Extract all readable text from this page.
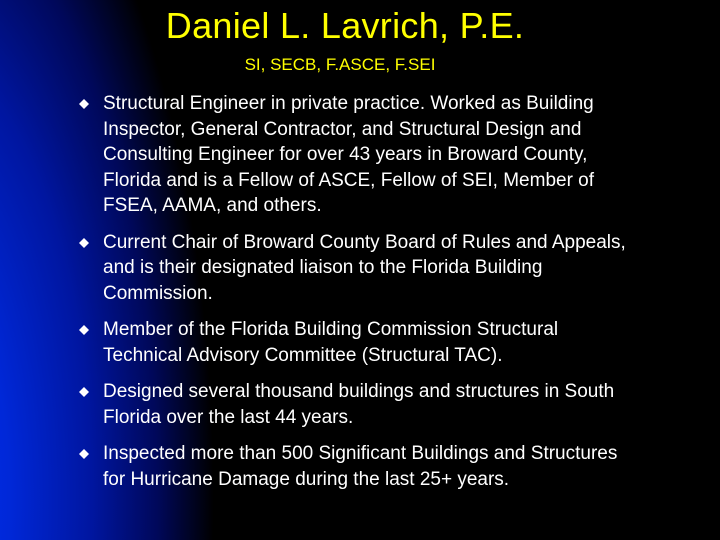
Daniel L. Lavrich, P.E.
SI, SECB, F.ASCE, F.SEI
Structural Engineer in private practice. Worked as Building Inspector, General Contractor, and Structural Design and Consulting Engineer for over 43 years in Broward County, Florida and is a Fellow of ASCE, Fellow of SEI, Member of FSEA, AAMA, and others.
Current Chair of Broward County Board of Rules and Appeals, and is their designated liaison to the Florida Building Commission.
Member of the Florida Building Commission Structural Technical Advisory Committee (Structural TAC).
Designed several thousand buildings and structures in South Florida over the last 44 years.
Inspected more than 500 Significant Buildings and Structures for Hurricane Damage during the last 25+ years.
